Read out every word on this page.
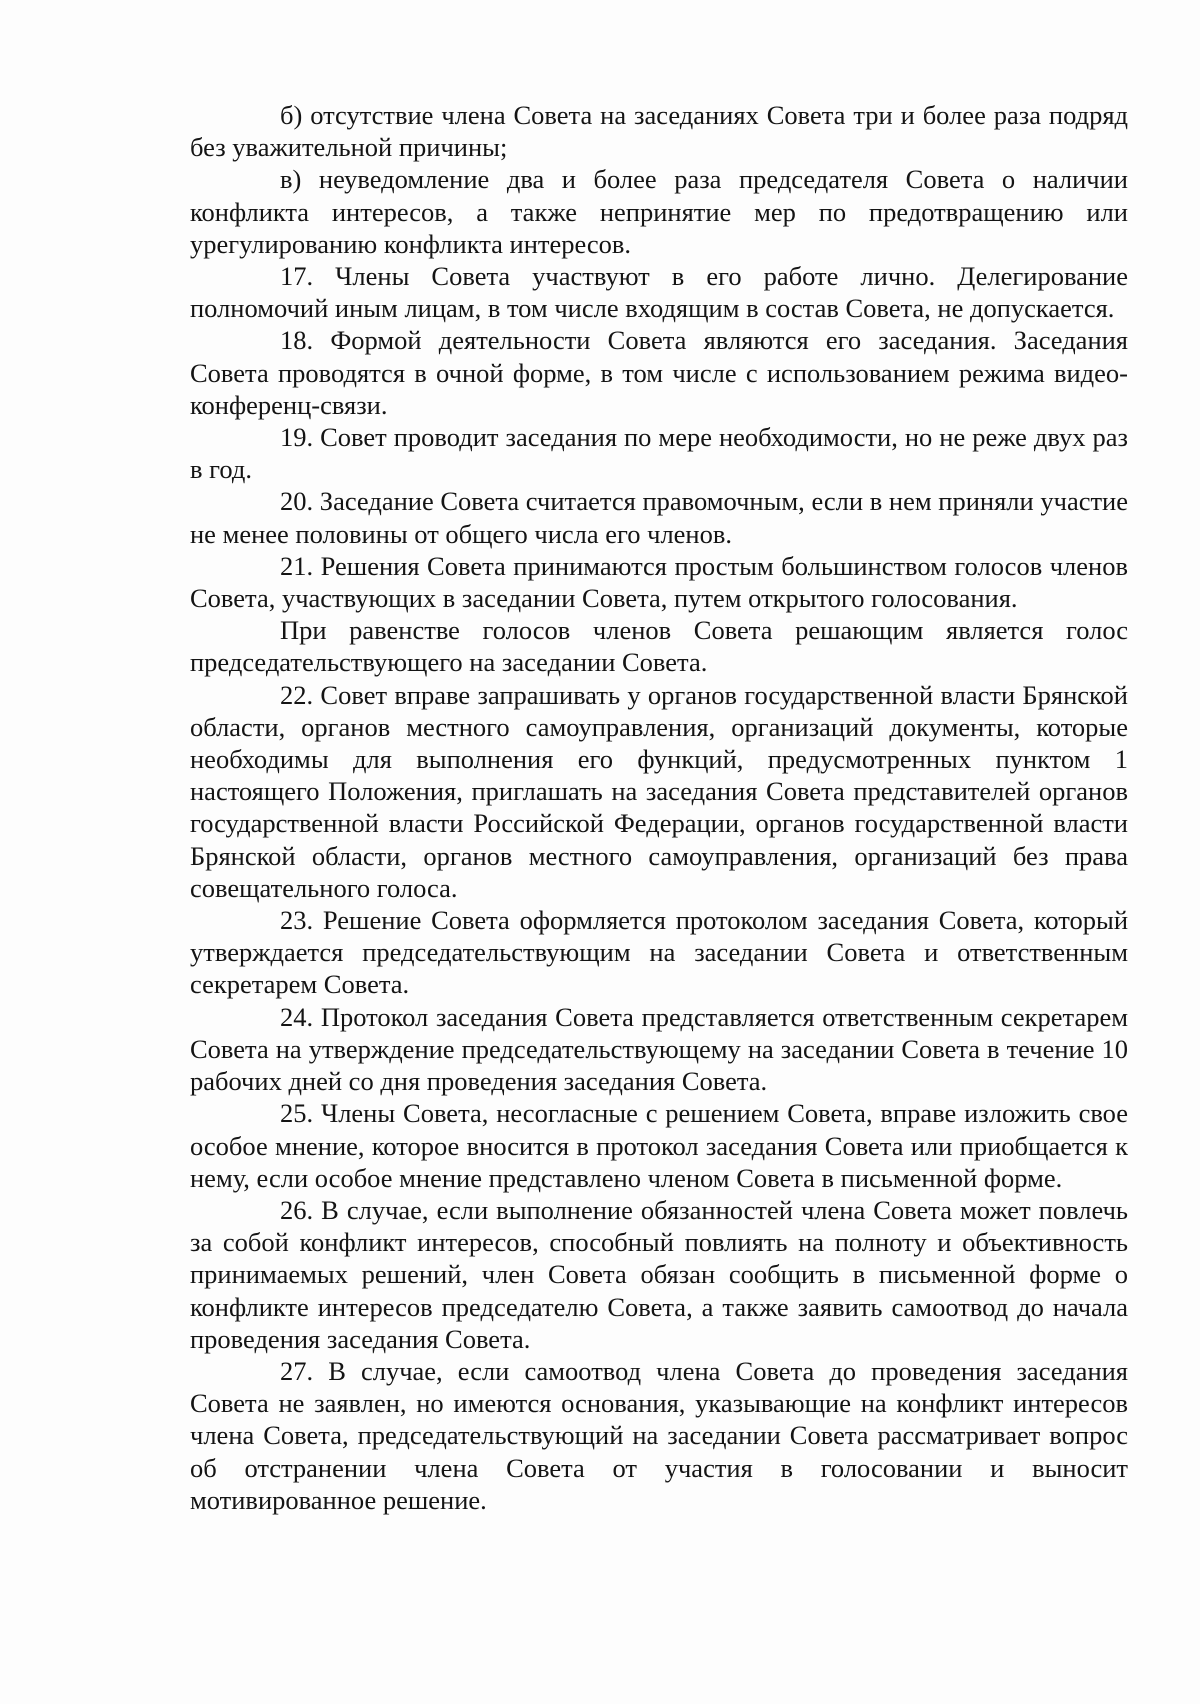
б) отсутствие члена Совета на заседаниях Совета три и более раза подряд без уважительной причины;

в) неуведомление два и более раза председателя Совета о наличии конфликта интересов, а также непринятие мер по предотвращению или урегулированию конфликта интересов.

17. Члены Совета участвуют в его работе лично. Делегирование полномочий иным лицам, в том числе входящим в состав Совета, не допускается.

18. Формой деятельности Совета являются его заседания. Заседания Совета проводятся в очной форме, в том числе с использованием режима видео-конференц-связи.

19. Совет проводит заседания по мере необходимости, но не реже двух раз в год.

20. Заседание Совета считается правомочным, если в нем приняли участие не менее половины от общего числа его членов.

21. Решения Совета принимаются простым большинством голосов членов Совета, участвующих в заседании Совета, путем открытого голосования.

При равенстве голосов членов Совета решающим является голос председательствующего на заседании Совета.

22. Совет вправе запрашивать у органов государственной власти Брянской области, органов местного самоуправления, организаций документы, которые необходимы для выполнения его функций, предусмотренных пунктом 1 настоящего Положения, приглашать на заседания Совета представителей органов государственной власти Российской Федерации, органов государственной власти Брянской области, органов местного самоуправления, организаций без права совещательного голоса.

23. Решение Совета оформляется протоколом заседания Совета, который утверждается председательствующим на заседании Совета и ответственным секретарем Совета.

24. Протокол заседания Совета представляется ответственным секретарем Совета на утверждение председательствующему на заседании Совета в течение 10 рабочих дней со дня проведения заседания Совета.

25. Члены Совета, несогласные с решением Совета, вправе изложить свое особое мнение, которое вносится в протокол заседания Совета или приобщается к нему, если особое мнение представлено членом Совета в письменной форме.

26. В случае, если выполнение обязанностей члена Совета может повлечь за собой конфликт интересов, способный повлиять на полноту и объективность принимаемых решений, член Совета обязан сообщить в письменной форме о конфликте интересов председателю Совета, а также заявить самоотвод до начала проведения заседания Совета.

27. В случае, если самоотвод члена Совета до проведения заседания Совета не заявлен, но имеются основания, указывающие на конфликт интересов члена Совета, председательствующий на заседании Совета рассматривает вопрос об отстранении члена Совета от участия в голосовании и выносит мотивированное решение.
